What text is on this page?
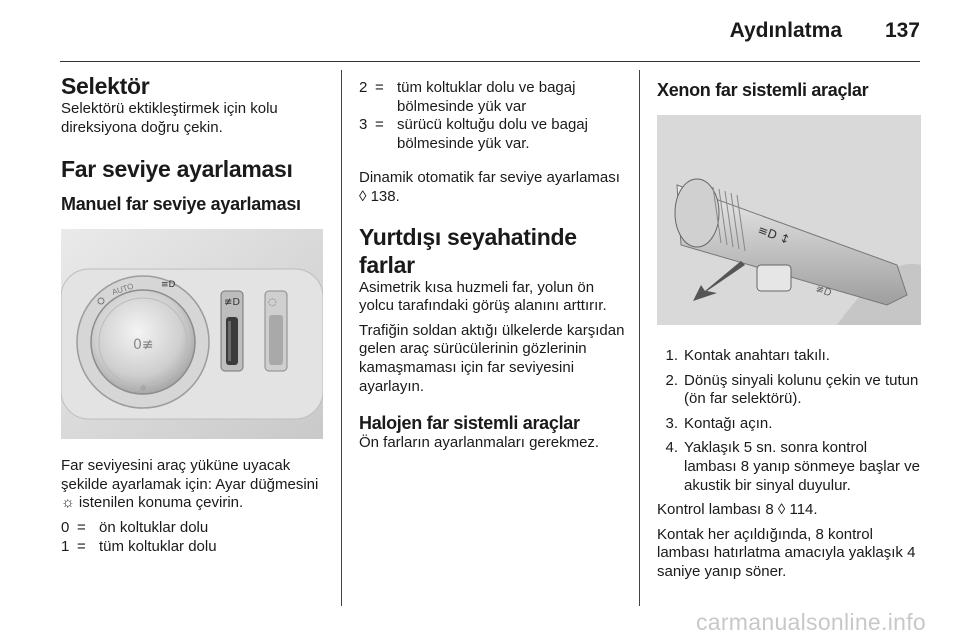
Aydınlatma 137
Selektör

Selektörü ektikleştirmek için kolu direksiyona doğru çekin.

Far seviye ayarlaması
Manuel far seviye ayarlaması
0≢
AUTO	≡D
☼
≢D	◌

Far seviyesini araç yüküne uyacak şekilde ayarlamak için: Ayar düğmesini ☼ istenilen konuma çevirin.

0 = ön koltuklar dolu
1 = tüm koltuklar dolu
2 = tüm koltuklar dolu ve bagaj bölmesinde yük var
3 = sürücü koltuğu dolu ve bagaj bölmesinde yük var.

Dinamik otomatik far seviye ayarlaması ◊ 138.

Yurtdışı seyahatinde farlar

Asimetrik kısa huzmeli far, yolun ön yolcu tarafındaki görüş alanını arttırır.

Trafiğin soldan aktığı ülkelerde karşıdan gelen araç sürücülerinin gözlerinin kamaşmaması için far seviyesini ayarlayın.

Halojen far sistemli araçlar

Ön farların ayarlanmaları gerekmez.

Xenon far sistemli araçlar
≡D ↕
≢D
1. Kontak anahtarı takılı.
2. Dönüş sinyali kolunu çekin ve tutun (ön far selektörü).
3. Kontağı açın.
4. Yaklaşık 5 sn. sonra kontrol lambası 8 yanıp sönmeye başlar ve akustik bir sinyal duyulur.

Kontrol lambası 8 ◊ 114.

Kontak her açıldığında, 8 kontrol lambası hatırlatma amacıyla yaklaşık 4 saniye yanıp söner.

carmanualsonline.info
